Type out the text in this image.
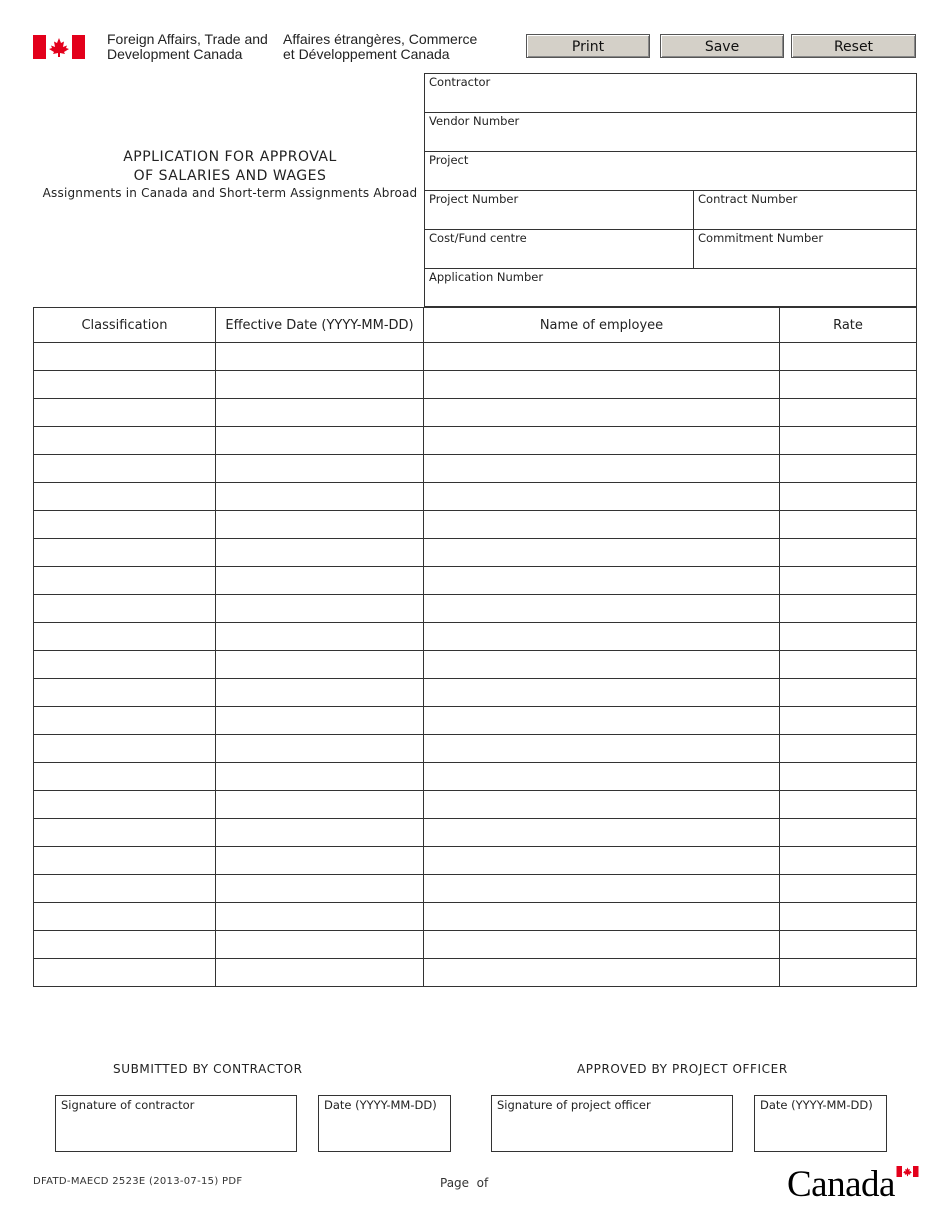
Foreign Affairs, Trade and
Development Canada
Affaires étrangères, Commerce
et Développement Canada	Print	Save	Reset
APPLICATION FOR APPROVAL
OF SALARIES AND WAGES
Assignments in Canada and Short-term Assignments Abroad
Contractor
Vendor Number
Project
Project Number	Contract Number
Cost/Fund centre	Commitment Number
Application Number
Classification	Effective Date (YYYY-MM-DD)	Name of employee	Rate

SUBMITTED BY CONTRACTOR	APPROVED BY PROJECT OFFICER
Signature of contractor	Date (YYYY-MM-DD)	Signature of project officer	Date (YYYY-MM-DD)
DFATD-MAECD 2523E (2013-07-15) PDF	Page  of	Canada
